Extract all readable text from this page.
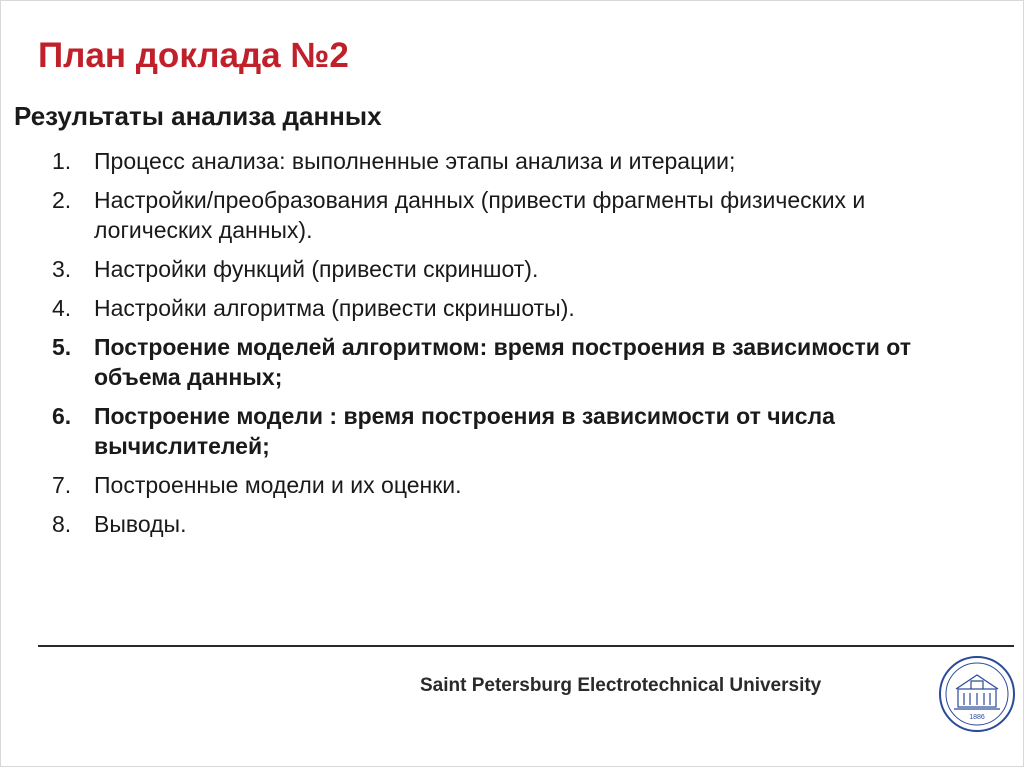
План доклада №2
Результаты анализа данных
1. Процесс анализа: выполненные этапы анализа и итерации;
2. Настройки/преобразования данных (привести фрагменты физических и логических данных).
3. Настройки функций (привести скриншот).
4. Настройки алгоритма (привести скриншоты).
5. Построение моделей алгоритмом: время построения в зависимости от объема данных;
6. Построение модели : время построения в зависимости от числа вычислителей;
7. Построенные модели и их оценки.
8. Выводы.
Saint Petersburg Electrotechnical University
1886
